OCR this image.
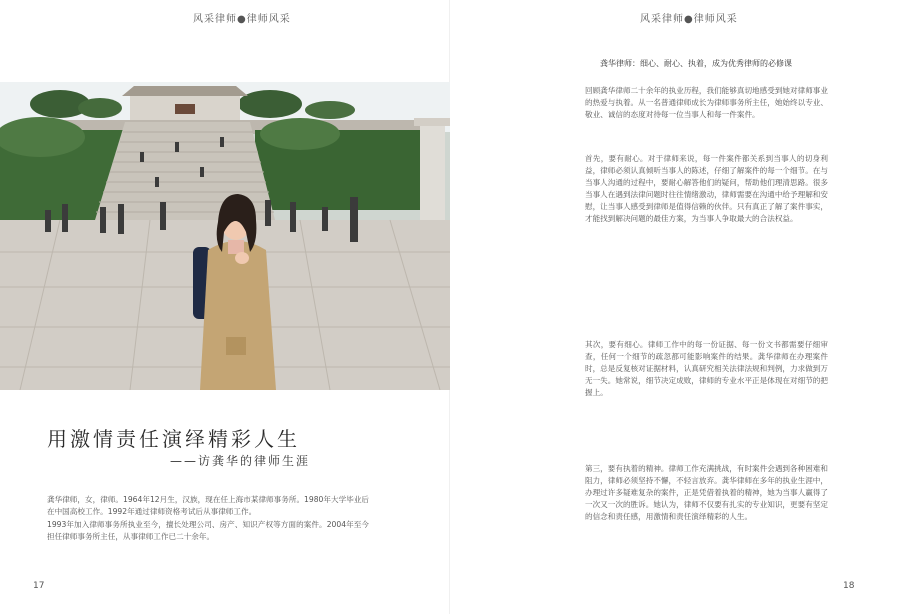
风采律师●律师风采
用激情责任演绎精彩人生
——访龚华的律师生涯
龚华律师，女，律师。1964年12月生，汉族，现在任上海市某律师事务所。1980年大学毕业后在中国高校工作。1992年通过律师资格考试后从事律师工作。
1993年加入律师事务所执业至今，擅长处理公司、房产、知识产权等方面的案件。2004年至今担任律师事务所主任，从事律师工作已二十余年。
17
风采律师●律师风采
龚华律师：细心、耐心、执着，成为优秀律师的必修课
回顾龚华律师二十余年的执业历程，我们能够真切地感受到她对律师事业的热爱与执着。从一名普通律师成长为律师事务所主任，她始终以专业、敬业、诚信的态度对待每一位当事人和每一件案件。
首先，要有耐心。对于律师来说，每一件案件都关系到当事人的切身利益，律师必须认真倾听当事人的陈述，仔细了解案件的每一个细节。在与当事人沟通的过程中，要耐心解答他们的疑问，帮助他们理清思路。很多当事人在遇到法律问题时往往情绪激动，律师需要在沟通中给予理解和安慰，让当事人感受到律师是值得信赖的伙伴。只有真正了解了案件事实，才能找到解决问题的最佳方案，为当事人争取最大的合法权益。
其次，要有细心。律师工作中的每一份证据、每一份文书都需要仔细审查，任何一个细节的疏忽都可能影响案件的结果。龚华律师在办理案件时，总是反复核对证据材料，认真研究相关法律法规和判例，力求做到万无一失。她常说，细节决定成败，律师的专业水平正是体现在对细节的把握上。
第三，要有执着的精神。律师工作充满挑战，有时案件会遇到各种困难和阻力，律师必须坚持不懈，不轻言放弃。龚华律师在多年的执业生涯中，办理过许多疑难复杂的案件，正是凭借着执着的精神，她为当事人赢得了一次又一次的胜诉。她认为，律师不仅要有扎实的专业知识，更要有坚定的信念和责任感，用激情和责任演绎精彩的人生。
18
